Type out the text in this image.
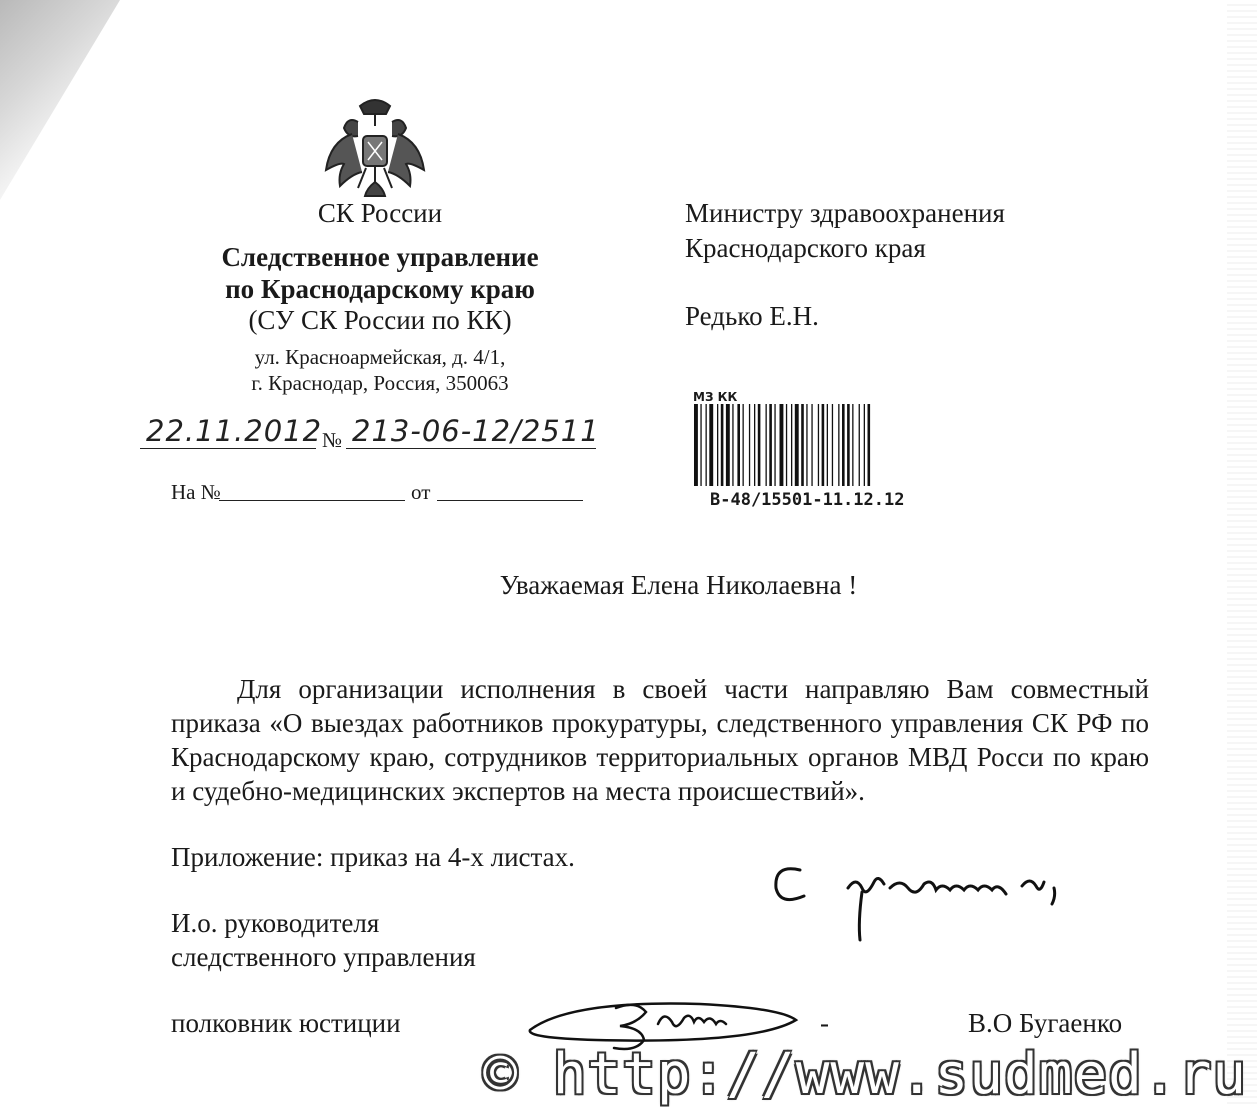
СК России
Следственное управление
по Краснодарскому краю
(СУ СК России по КК)
ул. Красноармейская, д. 4/1,
г. Краснодар, Россия, 350063
22.11.2012 № 213-06-12/2511
На №	от
Министру здравоохранения
Краснодарского края
Редько Е.Н.
МЗ КК
В-48/15501-11.12.12
Уважаемая Елена Николаевна !
Для организации исполнения в своей части направляю Вам совместный приказа «О выездах работников прокуратуры, следственного управления СК РФ по Краснодарскому краю, сотрудников территориальных органов МВД Росси по краю и судебно-медицинских экспертов на места происшествий».
Приложение: приказ на 4-х листах.
И.о. руководителя
следственного управления
полковник юстиции	-	В.О Бугаенко
© http://www.sudmed.ru
